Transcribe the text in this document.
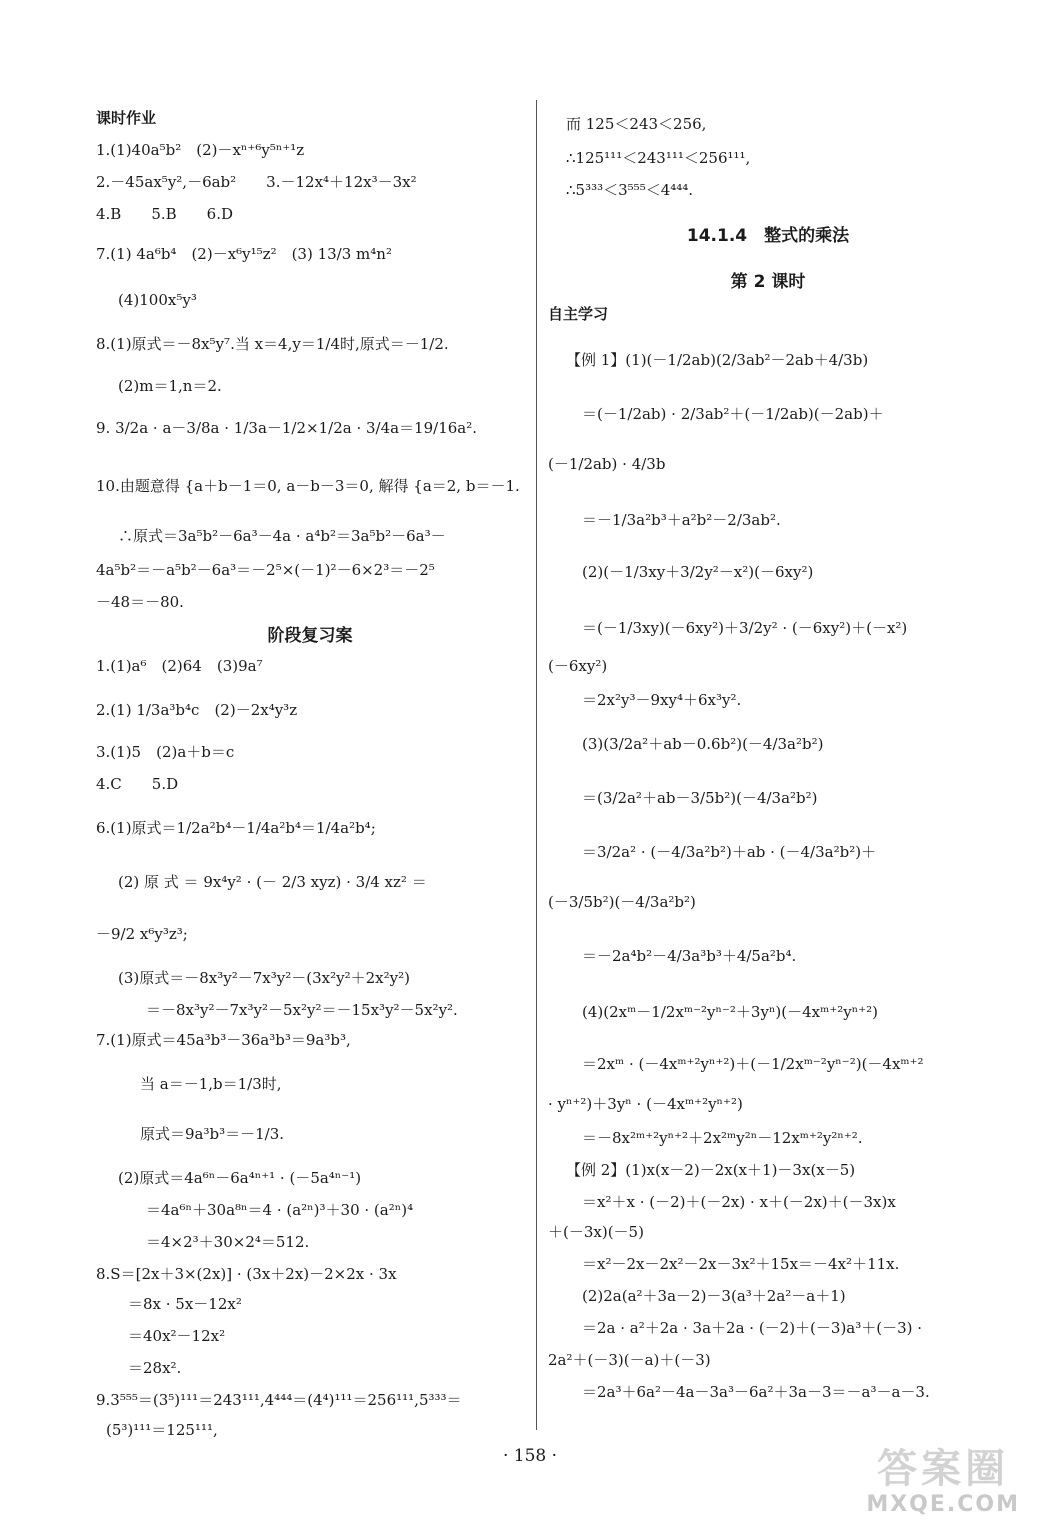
课时作业
1.(1)40a⁵b²　(2)－xⁿ⁺⁶y⁵ⁿ⁺¹z
2.－45ax⁵y²,－6ab²　　3.－12x⁴＋12x³－3x²
4.B　　5.B　　6.D
7.(1) 4a⁶b⁴　(2)－x⁶y¹⁵z²　(3) 13/3 m⁴n²
(4)100x⁵y³
8.(1)原式＝－8x⁵y⁷.当 x＝4,y＝1/4时,原式＝－1/2.
(2)m＝1,n＝2.
9. 3/2a · a－3/8a · 1/3a－1/2×1/2a · 3/4a＝19/16a².
10.由题意得 {a＋b－1＝0, a－b－3＝0, 解得 {a＝2, b＝－1.
∴原式＝3a⁵b²－6a³－4a · a⁴b²＝3a⁵b²－6a³－
4a⁵b²＝－a⁵b²－6a³＝－2⁵×(－1)²－6×2³＝－2⁵
－48＝－80.
阶段复习案
1.(1)a⁶　(2)64　(3)9a⁷
2.(1) 1/3a³b⁴c　(2)－2x⁴y³z
3.(1)5　(2)a＋b＝c
4.C　　5.D
6.(1)原式＝1/2a²b⁴－1/4a²b⁴＝1/4a²b⁴;
(2) 原 式 ＝ 9x⁴y² · (－ 2/3 xyz) · 3/4 xz² ＝
－9/2 x⁶y³z³;
(3)原式＝－8x³y²－7x³y²－(3x²y²＋2x²y²)
＝－8x³y²－7x³y²－5x²y²＝－15x³y²－5x²y².
7.(1)原式＝45a³b³－36a³b³＝9a³b³,
当 a＝－1,b＝1/3时,
原式＝9a³b³＝－1/3.
(2)原式＝4a⁶ⁿ－6a⁴ⁿ⁺¹ · (－5a⁴ⁿ⁻¹)
＝4a⁶ⁿ＋30a⁸ⁿ＝4 · (a²ⁿ)³＋30 · (a²ⁿ)⁴
＝4×2³＋30×2⁴＝512.
8.S＝[2x＋3×(2x)] · (3x＋2x)－2×2x · 3x
＝8x · 5x－12x²
＝40x²－12x²
＝28x².
9.3⁵⁵⁵＝(3⁵)¹¹¹＝243¹¹¹,4⁴⁴⁴＝(4⁴)¹¹¹＝256¹¹¹,5³³³＝
(5³)¹¹¹＝125¹¹¹,
而 125＜243＜256,
∴125¹¹¹＜243¹¹¹＜256¹¹¹,
∴5³³³＜3⁵⁵⁵＜4⁴⁴⁴.
14.1.4　整式的乘法
第 2 课时
自主学习
【例 1】(1)(－1/2ab)(2/3ab²－2ab＋4/3b)
＝(－1/2ab) · 2/3ab²＋(－1/2ab)(－2ab)＋
(－1/2ab) · 4/3b
＝－1/3a²b³＋a²b²－2/3ab².
(2)(－1/3xy＋3/2y²－x²)(－6xy²)
＝(－1/3xy)(－6xy²)＋3/2y² · (－6xy²)＋(－x²)
(－6xy²)
＝2x²y³－9xy⁴＋6x³y².
(3)(3/2a²＋ab－0.6b²)(－4/3a²b²)
＝(3/2a²＋ab－3/5b²)(－4/3a²b²)
＝3/2a² · (－4/3a²b²)＋ab · (－4/3a²b²)＋
(－3/5b²)(－4/3a²b²)
＝－2a⁴b²－4/3a³b³＋4/5a²b⁴.
(4)(2xᵐ－1/2xᵐ⁻²yⁿ⁻²＋3yⁿ)(－4xᵐ⁺²yⁿ⁺²)
＝2xᵐ · (－4xᵐ⁺²yⁿ⁺²)＋(－1/2xᵐ⁻²yⁿ⁻²)(－4xᵐ⁺²
· yⁿ⁺²)＋3yⁿ · (－4xᵐ⁺²yⁿ⁺²)
＝－8x²ᵐ⁺²yⁿ⁺²＋2x²ᵐy²ⁿ－12xᵐ⁺²y²ⁿ⁺².
【例 2】(1)x(x－2)－2x(x＋1)－3x(x－5)
＝x²＋x · (－2)＋(－2x) · x＋(－2x)＋(－3x)x
＋(－3x)(－5)
＝x²－2x－2x²－2x－3x²＋15x＝－4x²＋11x.
(2)2a(a²＋3a－2)－3(a³＋2a²－a＋1)
＝2a · a²＋2a · 3a＋2a · (－2)＋(－3)a³＋(－3) ·
2a²＋(－3)(－a)＋(－3)
＝2a³＋6a²－4a－3a³－6a²＋3a－3＝－a³－a－3.
· 158 ·	答案圈
MXQE.COM
